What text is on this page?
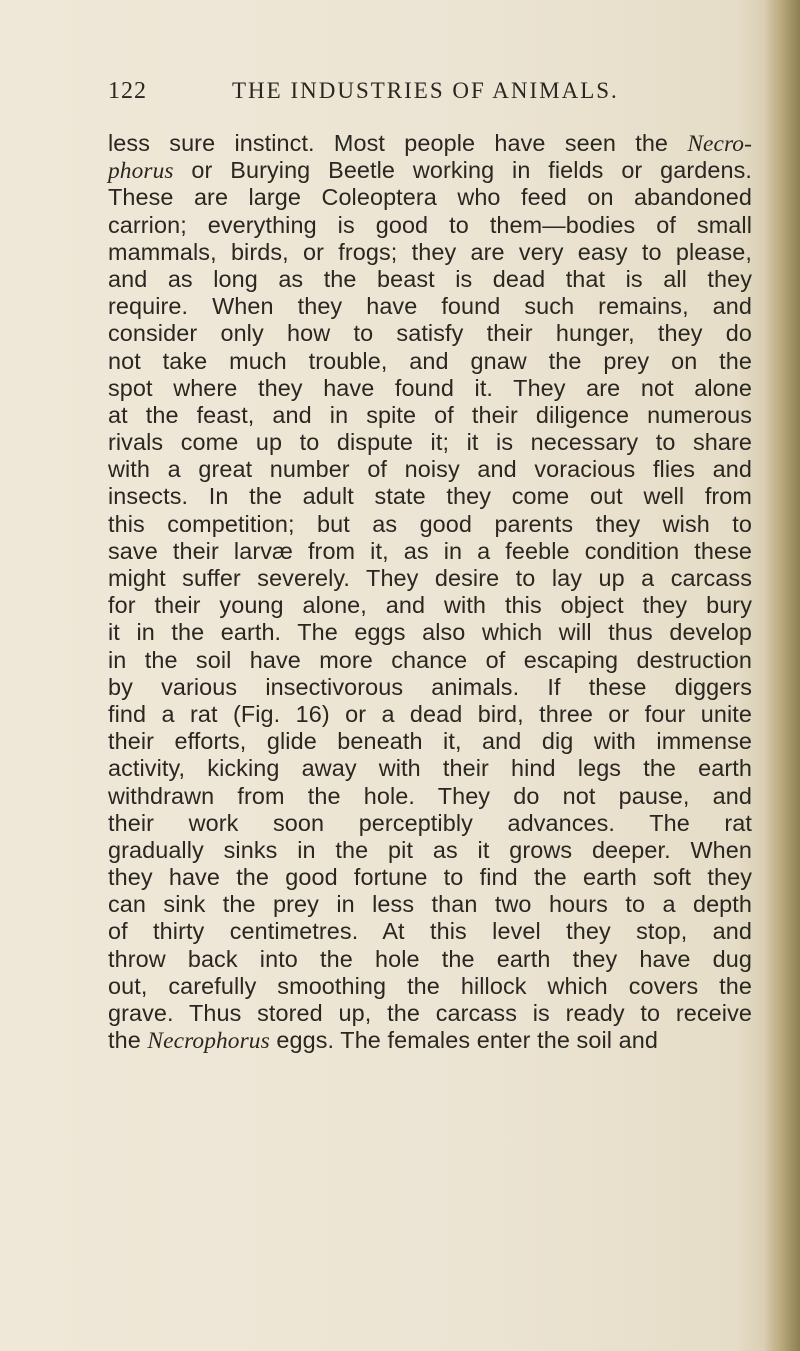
122	THE INDUSTRIES OF ANIMALS.
less sure instinct. Most people have seen the Necro-
phorus or Burying Beetle working in fields or gardens.
These are large Coleoptera who feed on abandoned
carrion; everything is good to them—bodies of small
mammals, birds, or frogs; they are very easy to please,
and as long as the beast is dead that is all they
require. When they have found such remains, and
consider only how to satisfy their hunger, they do
not take much trouble, and gnaw the prey on the
spot where they have found it. They are not alone
at the feast, and in spite of their diligence numerous
rivals come up to dispute it; it is necessary to share
with a great number of noisy and voracious flies and
insects. In the adult state they come out well from
this competition; but as good parents they wish to
save their larvæ from it, as in a feeble condition these
might suffer severely. They desire to lay up a carcass
for their young alone, and with this object they bury
it in the earth. The eggs also which will thus develop
in the soil have more chance of escaping destruction
by various insectivorous animals. If these diggers
find a rat (Fig. 16) or a dead bird, three or four unite
their efforts, glide beneath it, and dig with immense
activity, kicking away with their hind legs the earth
withdrawn from the hole. They do not pause, and
their work soon perceptibly advances. The rat
gradually sinks in the pit as it grows deeper. When
they have the good fortune to find the earth soft they
can sink the prey in less than two hours to a depth
of thirty centimetres. At this level they stop, and
throw back into the hole the earth they have dug
out, carefully smoothing the hillock which covers the
grave. Thus stored up, the carcass is ready to receive
the Necrophorus eggs. The females enter the soil and
